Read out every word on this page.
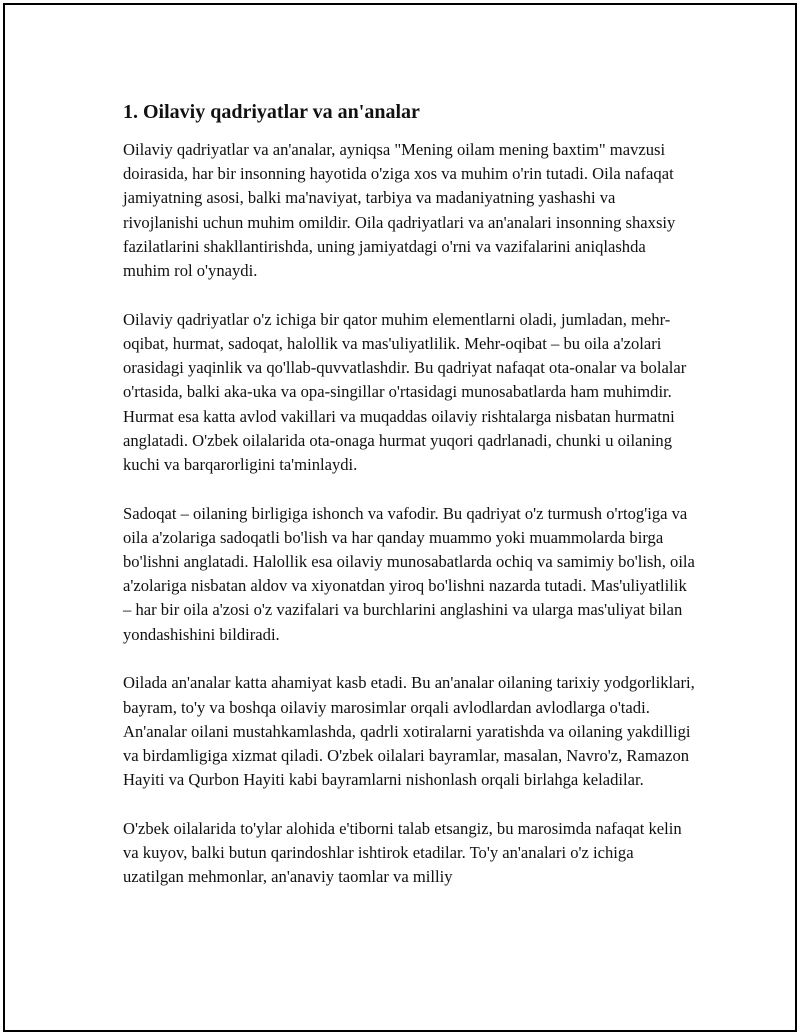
1. Oilaviy qadriyatlar va an'analar

Oilaviy qadriyatlar va an'analar, ayniqsa "Mening oilam mening baxtim" mavzusi doirasida, har bir insonning hayotida o'ziga xos va muhim o'rin tutadi. Oila nafaqat jamiyatning asosi, balki ma'naviyat, tarbiya va madaniyatning yashashi va rivojlanishi uchun muhim omildir. Oila qadriyatlari va an'analari insonning shaxsiy fazilatlarini shakllantirishda, uning jamiyatdagi o'rni va vazifalarini aniqlashda muhim rol o'ynaydi.

Oilaviy qadriyatlar o'z ichiga bir qator muhim elementlarni oladi, jumladan, mehr-oqibat, hurmat, sadoqat, halollik va mas'uliyatlilik. Mehr-oqibat – bu oila a'zolari orasidagi yaqinlik va qo'llab-quvvatlashdir. Bu qadriyat nafaqat ota-onalar va bolalar o'rtasida, balki aka-uka va opa-singillar o'rtasidagi munosabatlarda ham muhimdir. Hurmat esa katta avlod vakillari va muqaddas oilaviy rishtalarga nisbatan hurmatni anglatadi. O'zbek oilalarida ota-onaga hurmat yuqori qadrlanadi, chunki u oilaning kuchi va barqarorligini ta'minlaydi.

Sadoqat – oilaning birligiga ishonch va vafodir. Bu qadriyat o'z turmush o'rtog'iga va oila a'zolariga sadoqatli bo'lish va har qanday muammo yoki muammolarda birga bo'lishni anglatadi. Halollik esa oilaviy munosabatlarda ochiq va samimiy bo'lish, oila a'zolariga nisbatan aldov va xiyonatdan yiroq bo'lishni nazarda tutadi. Mas'uliyatlilik – har bir oila a'zosi o'z vazifalari va burchlarini anglashini va ularga mas'uliyat bilan yondashishini bildiradi.

Oilada an'analar katta ahamiyat kasb etadi. Bu an'analar oilaning tarixiy yodgorliklari, bayram, to'y va boshqa oilaviy marosimlar orqali avlodlardan avlodlarga o'tadi. An'analar oilani mustahkamlashda, qadrli xotiralarni yaratishda va oilaning yakdilligi va birdamligiga xizmat qiladi. O'zbek oilalari bayramlar, masalan, Navro'z, Ramazon Hayiti va Qurbon Hayiti kabi bayramlarni nishonlash orqali birlahga keladilar.

O'zbek oilalarida to'ylar alohida e'tiborni talab etsangiz, bu marosimda nafaqat kelin va kuyov, balki butun qarindoshlar ishtirok etadilar. To'y an'analari o'z ichiga uzatilgan mehmonlar, an'anaviy taomlar va milliy
